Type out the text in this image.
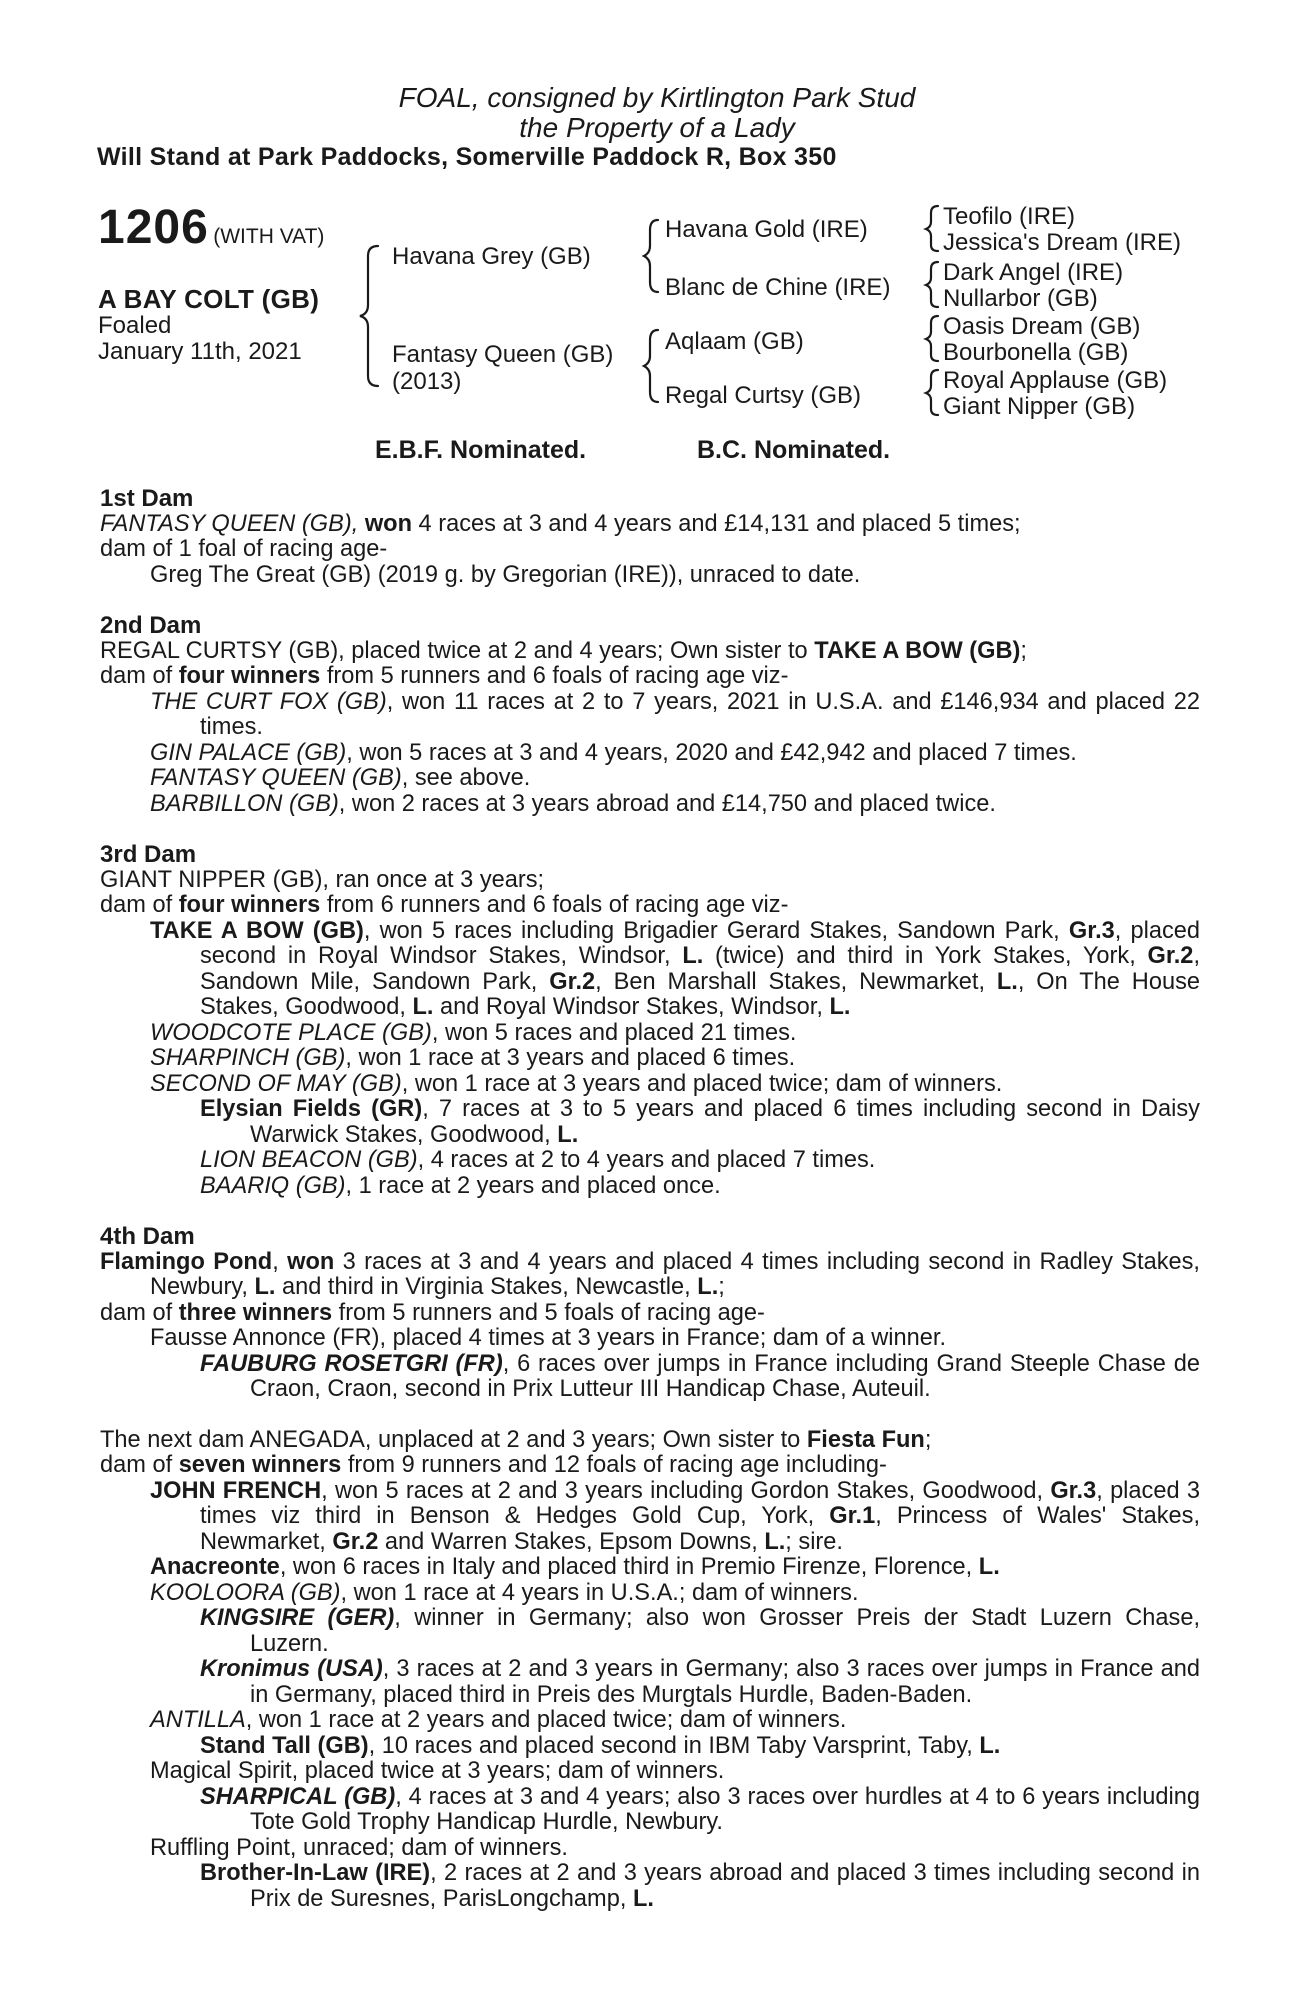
FOAL, consigned by Kirtlington Park Stud
the Property of a Lady
Will Stand at Park Paddocks, Somerville Paddock R, Box 350
1206 (WITH VAT)
A BAY COLT (GB)
Foaled
January 11th, 2021
Havana Grey (GB)
Fantasy Queen (GB)
(2013)
Havana Gold (IRE)
Blanc de Chine (IRE)
Aqlaam (GB)
Regal Curtsy (GB)
Teofilo (IRE)
Jessica's Dream (IRE)
Dark Angel (IRE)
Nullarbor (GB)
Oasis Dream (GB)
Bourbonella (GB)
Royal Applause (GB)
Giant Nipper (GB)
E.B.F. Nominated.	B.C. Nominated.
1st Dam
FANTASY QUEEN (GB), won 4 races at 3 and 4 years and £14,131 and placed 5 times;
dam of 1 foal of racing age-
Greg The Great (GB) (2019 g. by Gregorian (IRE)), unraced to date.
2nd Dam
REGAL CURTSY (GB), placed twice at 2 and 4 years; Own sister to TAKE A BOW (GB);
dam of four winners from 5 runners and 6 foals of racing age viz-
THE CURT FOX (GB), won 11 races at 2 to 7 years, 2021 in U.S.A. and £146,934 and placed 22 times.
GIN PALACE (GB), won 5 races at 3 and 4 years, 2020 and £42,942 and placed 7 times.
FANTASY QUEEN (GB), see above.
BARBILLON (GB), won 2 races at 3 years abroad and £14,750 and placed twice.
3rd Dam
GIANT NIPPER (GB), ran once at 3 years;
dam of four winners from 6 runners and 6 foals of racing age viz-
TAKE A BOW (GB), won 5 races including Brigadier Gerard Stakes, Sandown Park, Gr.3, placed second in Royal Windsor Stakes, Windsor, L. (twice) and third in York Stakes, York, Gr.2, Sandown Mile, Sandown Park, Gr.2, Ben Marshall Stakes, Newmarket, L., On The House Stakes, Goodwood, L. and Royal Windsor Stakes, Windsor, L.
WOODCOTE PLACE (GB), won 5 races and placed 21 times.
SHARPINCH (GB), won 1 race at 3 years and placed 6 times.
SECOND OF MAY (GB), won 1 race at 3 years and placed twice; dam of winners.
Elysian Fields (GR), 7 races at 3 to 5 years and placed 6 times including second in Daisy Warwick Stakes, Goodwood, L.
LION BEACON (GB), 4 races at 2 to 4 years and placed 7 times.
BAARIQ (GB), 1 race at 2 years and placed once.
4th Dam
Flamingo Pond, won 3 races at 3 and 4 years and placed 4 times including second in Radley Stakes, Newbury, L. and third in Virginia Stakes, Newcastle, L.;
dam of three winners from 5 runners and 5 foals of racing age-
Fausse Annonce (FR), placed 4 times at 3 years in France; dam of a winner.
FAUBURG ROSETGRI (FR), 6 races over jumps in France including Grand Steeple Chase de Craon, Craon, second in Prix Lutteur III Handicap Chase, Auteuil.
The next dam ANEGADA, unplaced at 2 and 3 years; Own sister to Fiesta Fun;
dam of seven winners from 9 runners and 12 foals of racing age including-
JOHN FRENCH, won 5 races at 2 and 3 years including Gordon Stakes, Goodwood, Gr.3, placed 3 times viz third in Benson & Hedges Gold Cup, York, Gr.1, Princess of Wales' Stakes, Newmarket, Gr.2 and Warren Stakes, Epsom Downs, L.; sire.
Anacreonte, won 6 races in Italy and placed third in Premio Firenze, Florence, L.
KOOLOORA (GB), won 1 race at 4 years in U.S.A.; dam of winners.
KINGSIRE (GER), winner in Germany; also won Grosser Preis der Stadt Luzern Chase, Luzern.
Kronimus (USA), 3 races at 2 and 3 years in Germany; also 3 races over jumps in France and in Germany, placed third in Preis des Murgtals Hurdle, Baden-Baden.
ANTILLA, won 1 race at 2 years and placed twice; dam of winners.
Stand Tall (GB), 10 races and placed second in IBM Taby Varsprint, Taby, L.
Magical Spirit, placed twice at 3 years; dam of winners.
SHARPICAL (GB), 4 races at 3 and 4 years; also 3 races over hurdles at 4 to 6 years including Tote Gold Trophy Handicap Hurdle, Newbury.
Ruffling Point, unraced; dam of winners.
Brother-In-Law (IRE), 2 races at 2 and 3 years abroad and placed 3 times including second in Prix de Suresnes, ParisLongchamp, L.
